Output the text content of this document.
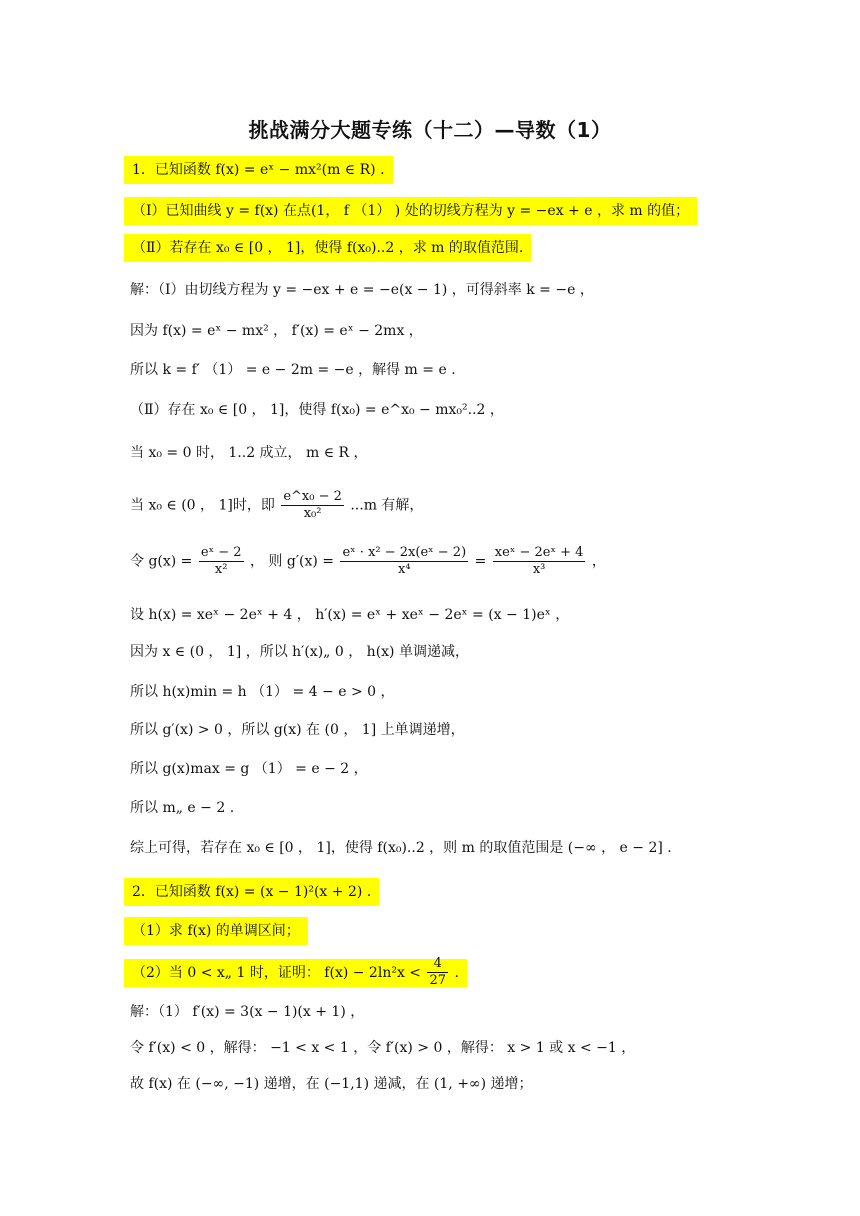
挑战满分大题专练（十二）—导数（1）
1．已知函数 f(x) = eˣ − mx²(m ∈ R) .
（Ⅰ）已知曲线 y = f(x) 在点(1， f （1） ) 处的切线方程为 y = −ex + e ，求 m 的值；
（Ⅱ）若存在 x₀ ∈ [0 ， 1]，使得 f(x₀)..2 ，求 m 的取值范围.
解：（Ⅰ）由切线方程为 y = −ex + e = −e(x − 1) ，可得斜率 k = −e ，
因为 f(x) = eˣ − mx² ， f′(x) = eˣ − 2mx ，
所以 k = f′ （1） = e − 2m = −e ，解得 m = e .
（Ⅱ）存在 x₀ ∈ [0 ， 1]，使得 f(x₀) = e^x₀ − mx₀²..2 ，
当 x₀ = 0 时， 1..2 成立， m ∈ R ，
当 x₀ ∈ (0 ， 1]时，即 $\frac{\text{e\textasciicircum{}x₀ − 2}}{\text{x₀²}} ...m$ 有解，
令 $g(x) = \frac{\text{eˣ − 2}}{\text{x²}}$ ， 则 $g'(x) = \frac{\text{eˣ · x² − 2x(eˣ − 2)}}{\text{x⁴}} = \frac{\text{xeˣ − 2eˣ + 4}}{\text{x³}}$ ，
设 h(x) = xeˣ − 2eˣ + 4 ， h′(x) = eˣ + xeˣ − 2eˣ = (x − 1)eˣ ，
因为 x ∈ (0 ， 1] ，所以 h′(x)„ 0 ， h(x) 单调递减，
所以 h(x)min = h （1） = 4 − e > 0 ，
所以 g′(x) > 0 ，所以 g(x) 在 (0 ， 1] 上单调递增，
所以 g(x)max = g （1） = e − 2 ，
所以 m„ e − 2 .
综上可得，若存在 x₀ ∈ [0 ， 1]，使得 f(x₀)..2 ，则 m 的取值范围是 (−∞ ， e − 2] .
2．已知函数 f(x) = (x − 1)²(x + 2) .
（1）求 f(x) 的单调区间；
（2）当 0 < x„ 1 时，证明： $f(x) - 2\ln^2x < \frac{4}{27}$ .
解：（1） f′(x) = 3(x − 1)(x + 1) ，
令 f′(x) < 0 ，解得： −1 < x < 1 ，令 f′(x) > 0 ，解得： x > 1 或 x < −1 ，
故 f(x) 在 (−∞, −1) 递增，在 (−1,1) 递减，在 (1, +∞) 递增；
